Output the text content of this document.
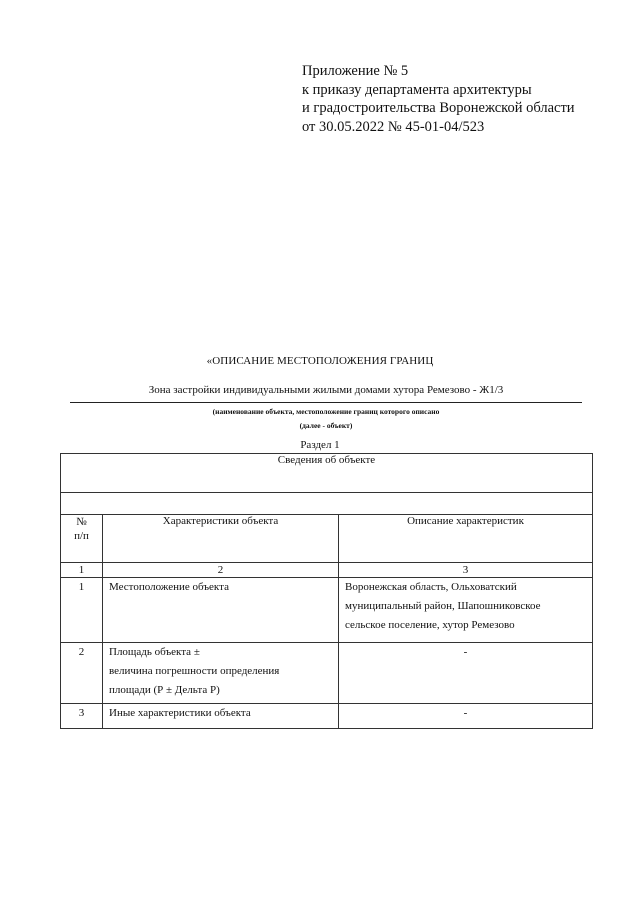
Приложение № 5
к приказу департамента архитектуры
и градостроительства Воронежской области
от 30.05.2022 № 45-01-04/523
«ОПИСАНИЕ МЕСТОПОЛОЖЕНИЯ ГРАНИЦ
Зона застройки индивидуальными жилыми домами хутора Ремезово - Ж1/3
(наименование объекта, местоположение границ которого описано
(далее - объект)
Раздел 1
Сведения об объекте		

№
п/п	Характеристики объекта	Описание характеристик
1	2	3
1	Местоположение объекта	Воронежская область, Ольховатский
муниципальный район, Шапошниковское
сельское поселение, хутор Ремезово

2	Площадь объекта ±
величина погрешности определения
площади (Р ± Дельта Р)	-
3	Иные характеристики объекта	-
